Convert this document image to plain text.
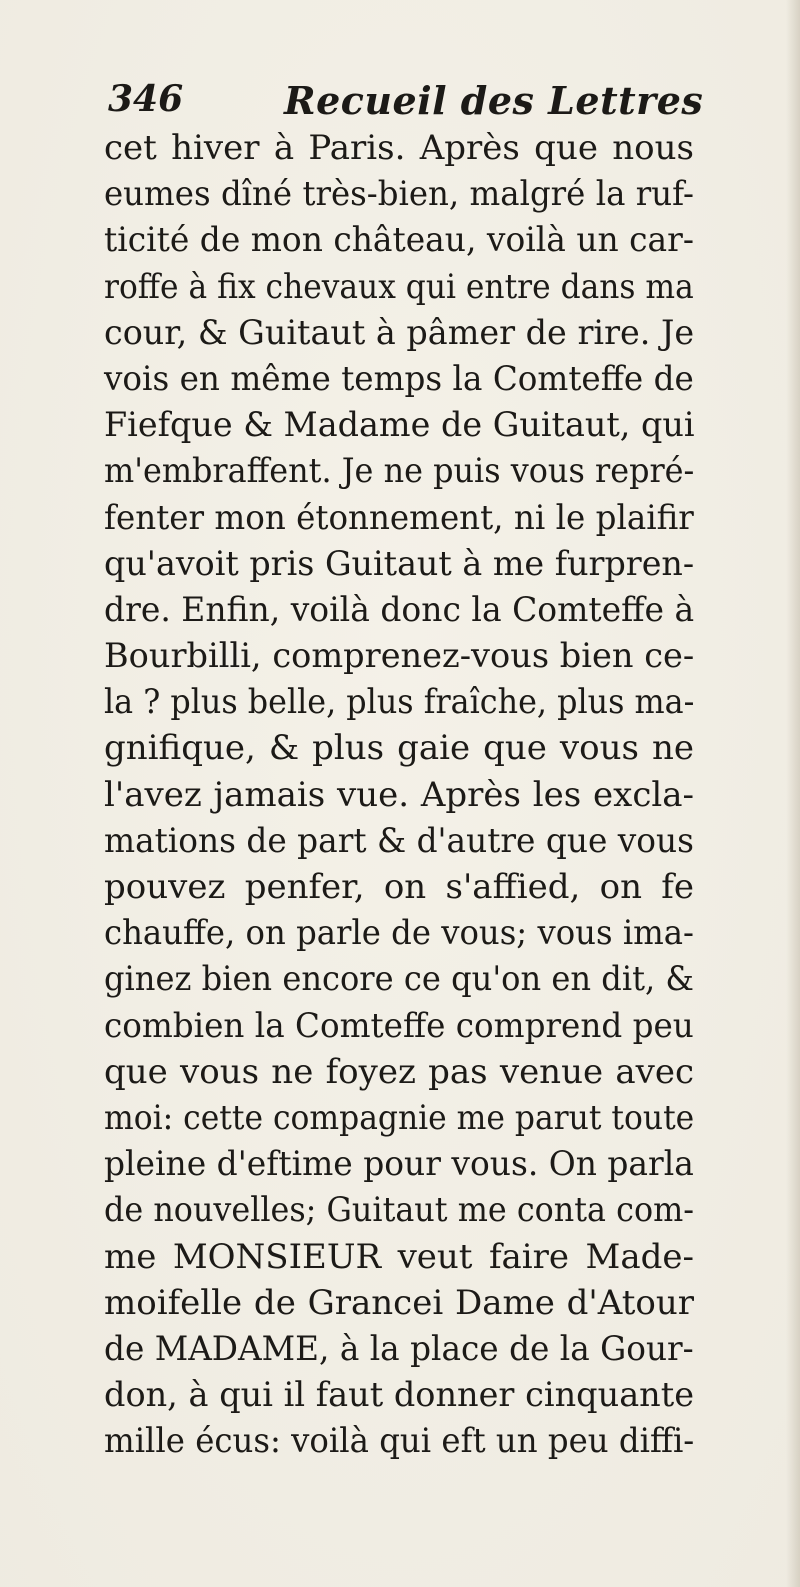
346	Recueil des Lettres
cet hiver à Paris. Après que nous
eumes dîné très-bien, malgré la ruf-
ticité de mon château, voilà un car-
roffe à fix chevaux qui entre dans ma
cour, & Guitaut à pâmer de rire. Je
vois en même temps la Comteffe de
Fiefque & Madame de Guitaut, qui
m'embraffent. Je ne puis vous repré-
fenter mon étonnement, ni le plaifir
qu'avoit pris Guitaut à me furpren-
dre. Enfin, voilà donc la Comteffe à
Bourbilli, comprenez-vous bien ce-
la ? plus belle, plus fraîche, plus ma-
gnifique, & plus gaie que vous ne
l'avez jamais vue. Après les excla-
mations de part & d'autre que vous
pouvez penfer, on s'affied, on fe
chauffe, on parle de vous; vous ima-
ginez bien encore ce qu'on en dit, &
combien la Comteffe comprend peu
que vous ne foyez pas venue avec
moi: cette compagnie me parut toute
pleine d'eftime pour vous. On parla
de nouvelles; Guitaut me conta com-
me MONSIEUR veut faire Made-
moifelle de Grancei Dame d'Atour
de MADAME, à la place de la Gour-
don, à qui il faut donner cinquante
mille écus: voilà qui eft un peu diffi-
